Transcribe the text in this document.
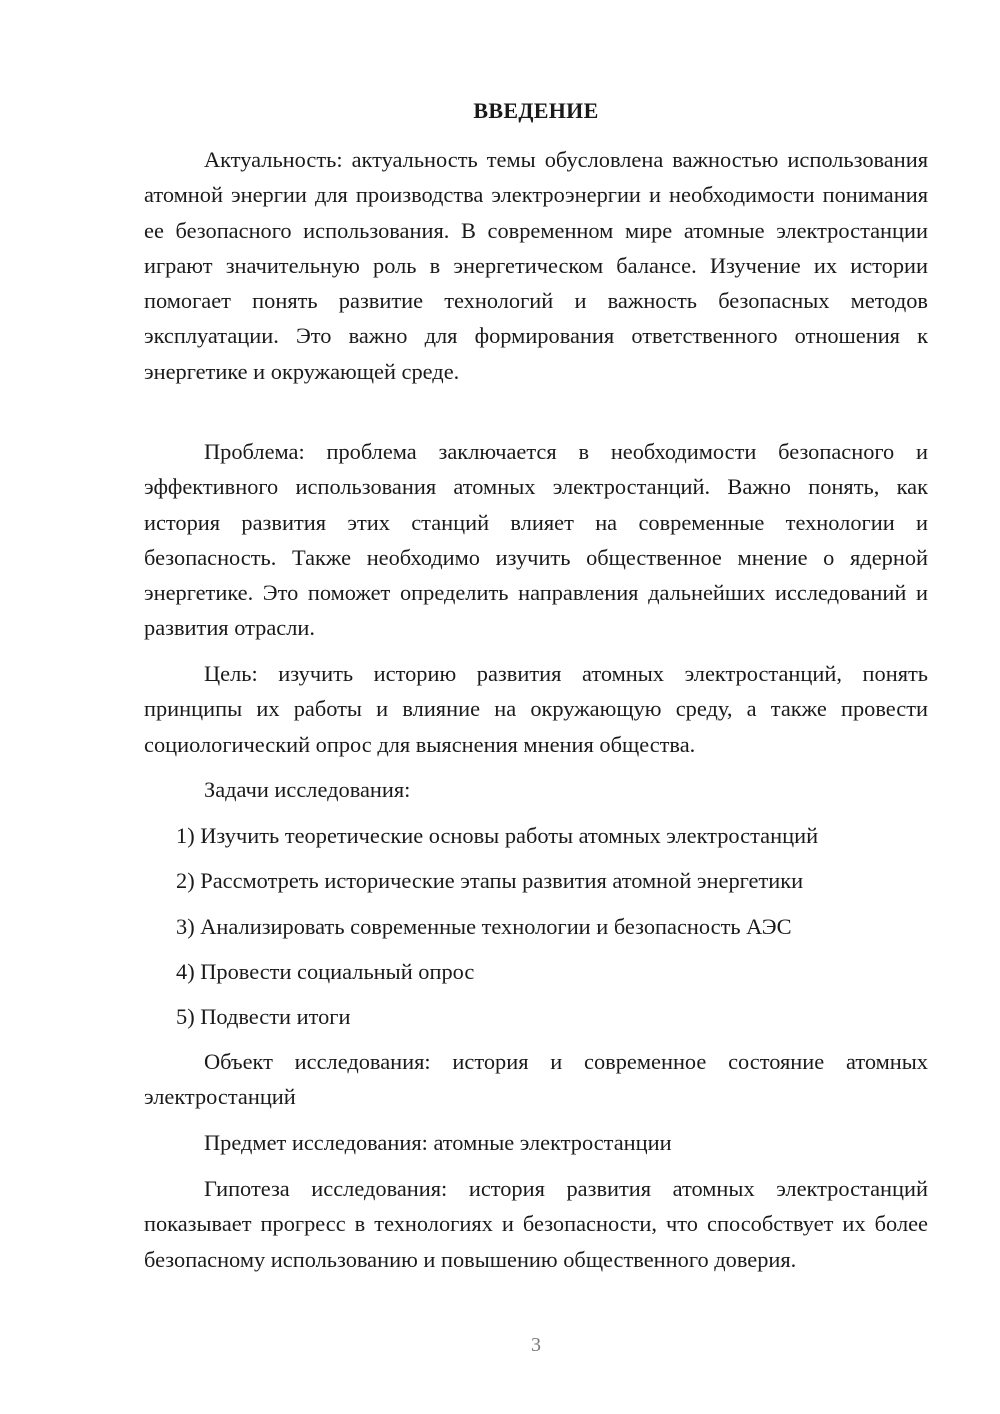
ВВЕДЕНИЕ

Актуальность: актуальность темы обусловлена важностью использования атомной энергии для производства электроэнергии и необходимости понимания ее безопасного использования. В современном мире атомные электростанции играют значительную роль в энергетическом балансе. Изучение их истории помогает понять развитие технологий и важность безопасных методов эксплуатации. Это важно для формирования ответственного отношения к энергетике и окружающей среде.

Проблема: проблема заключается в необходимости безопасного и эффективного использования атомных электростанций. Важно понять, как история развития этих станций влияет на современные технологии и безопасность. Также необходимо изучить общественное мнение о ядерной энергетике. Это поможет определить направления дальнейших исследований и развития отрасли.

Цель: изучить историю развития атомных электростанций, понять принципы их работы и влияние на окружающую среду, а также провести социологический опрос для выяснения мнения общества.

Задачи исследования:

1) Изучить теоретические основы работы атомных электростанций
2) Рассмотреть исторические этапы развития атомной энергетики
3) Анализировать современные технологии и безопасность АЭС
4) Провести социальный опрос
5) Подвести итоги

Объект исследования: история и современное состояние атомных электростанций

Предмет исследования: атомные электростанции

Гипотеза исследования: история развития атомных электростанций показывает прогресс в технологиях и безопасности, что способствует их более безопасному использованию и повышению общественного доверия.

3
